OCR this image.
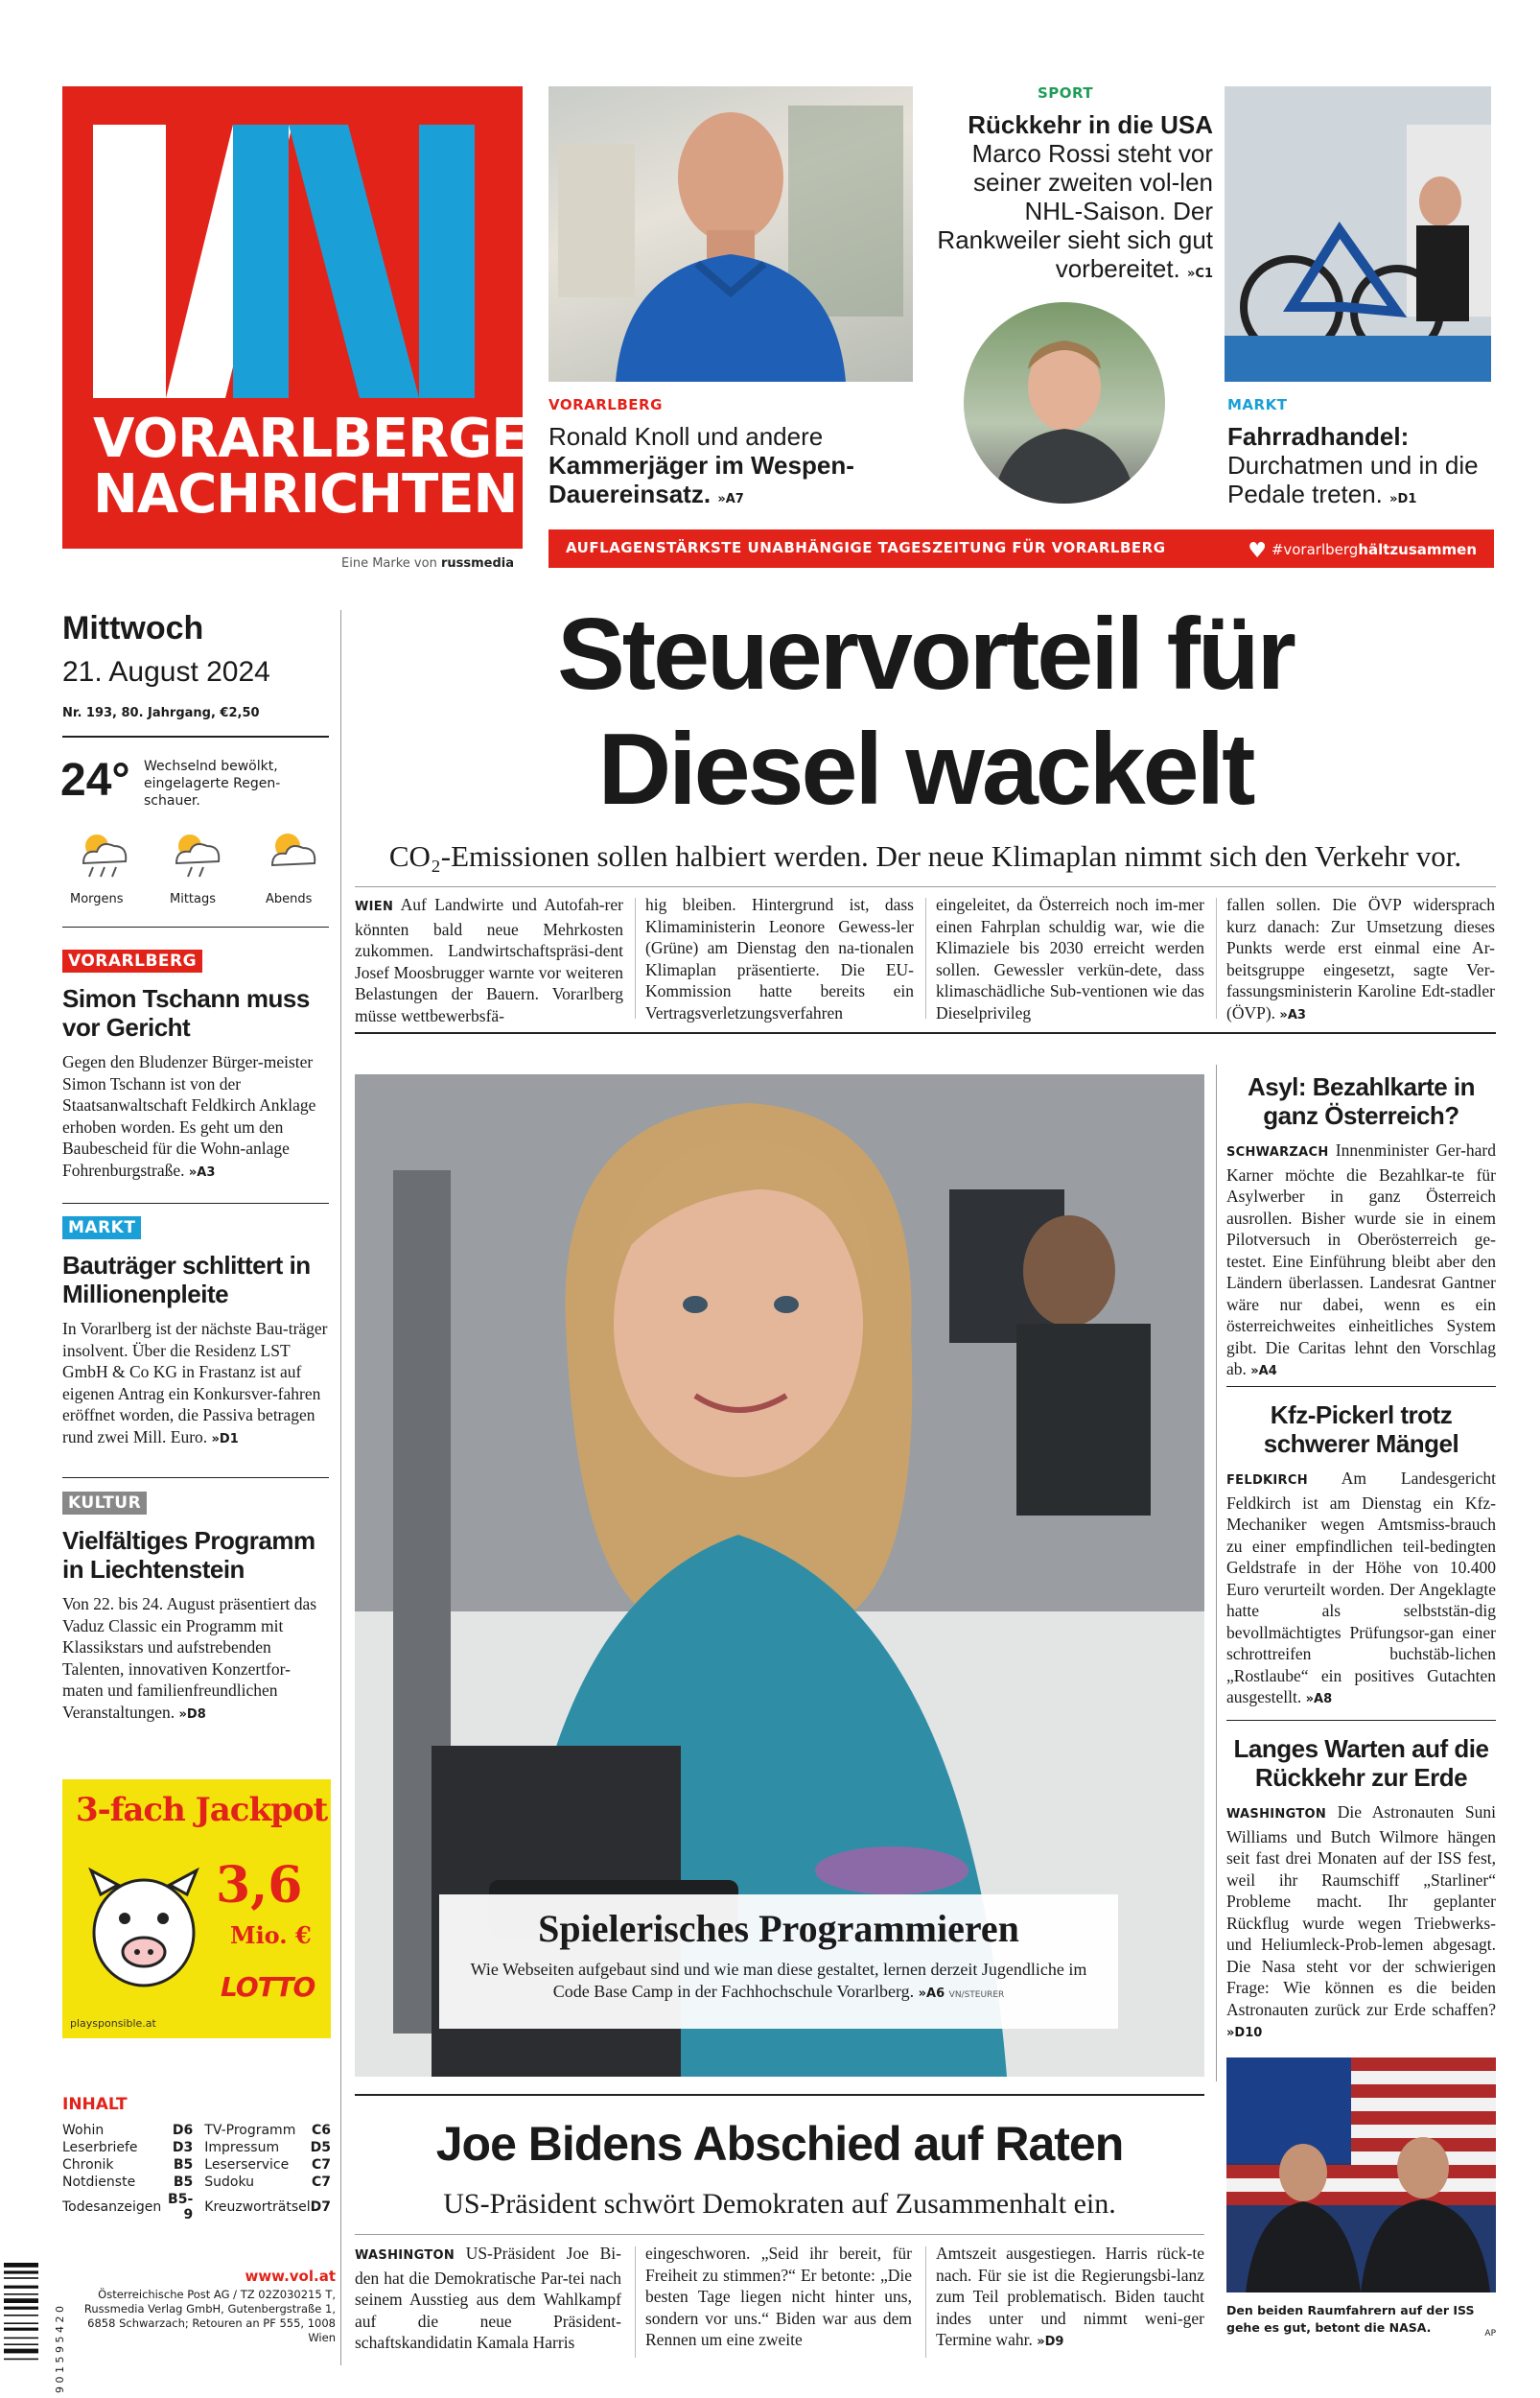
VORARLBERGER
NACHRICHTEN
Eine Marke von russmedia
VORARLBERG
Ronald Knoll und andere Kammerjäger im Wespen-Dauereinsatz. »A7
SPORT
Rückkehr in die USA
Marco Rossi steht vor seiner zweiten vol-len NHL-Saison. Der Rankweiler sieht sich gut vorbereitet. »C1
MARKT
Fahrradhandel:
Durchatmen und in die Pedale treten. »D1
AUFLAGENSTÄRKSTE UNABHÄNGIGE TAGESZEITUNG FÜR VORARLBERG	♥ #vorarlberghältzusammen
Mittwoch
21. August 2024
Nr. 193, 80. Jahrgang, €2,50
24° Wechselnd bewölkt, eingelagerte Regen-schauer.
Morgens	Mittags	Abends
VORARLBERG
Simon Tschann muss vor Gericht
Gegen den Bludenzer Bürger-meister Simon Tschann ist von der Staatsanwaltschaft Feldkirch Anklage erhoben worden. Es geht um den Baubescheid für die Wohn-anlage Fohrenburgstraße. »A3
MARKT
Bauträger schlittert in Millionenpleite
In Vorarlberg ist der nächste Bau-träger insolvent. Über die Residenz LST GmbH & Co KG in Frastanz ist auf eigenen Antrag ein Konkursver-fahren eröffnet worden, die Passiva betragen rund zwei Mill. Euro. »D1
KULTUR
Vielfältiges Programm in Liechtenstein
Von 22. bis 24. August präsentiert das Vaduz Classic ein Programm mit Klassikstars und aufstrebenden Talenten, innovativen Konzertfor-maten und familienfreundlichen Veranstaltungen. »D8
3-fach Jackpot
3,6
Mio. €
LOTTO
playsponsible.at
INHALT
Wohin	D6	TV-Programm	C6
Leserbriefe	D3	Impressum	D5
Chronik	B5	Leserservice	C7
Notdienste	B5	Sudoku	C7
Todesanzeigen	B5-9	Kreuzworträtsel	D7
9 0 1 5 9 5 4 2 0
www.vol.at
Österreichische Post AG / TZ 02Z030215 T, Russmedia Verlag GmbH, Gutenbergstraße 1, 6858 Schwarzach; Retouren an PF 555, 1008 Wien
Steuervorteil für
Diesel wackelt
CO₂-Emissionen sollen halbiert werden. Der neue Klimaplan nimmt sich den Verkehr vor.
WIEN Auf Landwirte und Autofah-rer könnten bald neue Mehrkosten zukommen. Landwirtschaftspräsi-dent Josef Moosbrugger warnte vor weiteren Belastungen der Bauern. Vorarlberg müsse wettbewerbsfä-
hig bleiben. Hintergrund ist, dass Klimaministerin Leonore Gewess-ler (Grüne) am Dienstag den na-tionalen Klimaplan präsentierte. Die EU-Kommission hatte bereits ein Vertragsverletzungsverfahren
eingeleitet, da Österreich noch im-mer einen Fahrplan schuldig war, wie die Klimaziele bis 2030 erreicht werden sollen. Gewessler verkün-dete, dass klimaschädliche Sub-ventionen wie das Dieselprivileg
fallen sollen. Die ÖVP widersprach kurz danach: Zur Umsetzung dieses Punkts werde erst einmal eine Ar-beitsgruppe eingesetzt, sagte Ver-fassungsministerin Karoline Edt-stadler (ÖVP). »A3
Spielerisches Programmieren
Wie Webseiten aufgebaut sind und wie man diese gestaltet, lernen derzeit Jugendliche im Code Base Camp in der Fachhochschule Vorarlberg. »A6 VN/STEURER
Asyl: Bezahlkarte in ganz Österreich?
SCHWARZACH Innenminister Ger-hard Karner möchte die Bezahlkar-te für Asylwerber in ganz Österreich ausrollen. Bisher wurde sie in einem Pilotversuch in Oberösterreich ge-testet. Eine Einführung bleibt aber den Ländern überlassen. Landesrat Gantner wäre nur dabei, wenn es ein österreichweites einheitliches System gibt. Die Caritas lehnt den Vorschlag ab. »A4
Kfz-Pickerl trotz schwerer Mängel
FELDKIRCH Am Landesgericht Feldkirch ist am Dienstag ein Kfz-Mechaniker wegen Amtsmiss-brauch zu einer empfindlichen teil-bedingten Geldstrafe in der Höhe von 10.400 Euro verurteilt worden. Der Angeklagte hatte als selbststän-dig bevollmächtigtes Prüfungsor-gan einer schrottreifen buchstäb-lichen „Rostlaube“ ein positives Gutachten ausgestellt. »A8
Langes Warten auf die Rückkehr zur Erde
WASHINGTON Die Astronauten Suni Williams und Butch Wilmore hängen seit fast drei Monaten auf der ISS fest, weil ihr Raumschiff „Starliner“ Probleme macht. Ihr geplanter Rückflug wurde wegen Triebwerks- und Heliumleck-Prob-lemen abgesagt. Die Nasa steht vor der schwierigen Frage: Wie können es die beiden Astronauten zurück zur Erde schaffen? »D10
Den beiden Raumfahrern auf der ISS gehe es gut, betont die NASA.	AP
Joe Bidens Abschied auf Raten
US-Präsident schwört Demokraten auf Zusammenhalt ein.
WASHINGTON US-Präsident Joe Bi-den hat die Demokratische Par-tei nach seinem Ausstieg aus dem Wahlkampf auf die neue Präsident-schaftskandidatin Kamala Harris
eingeschworen. „Seid ihr bereit, für Freiheit zu stimmen?“ Er betonte: „Die besten Tage liegen nicht hinter uns, sondern vor uns.“ Biden war aus dem Rennen um eine zweite
Amtszeit ausgestiegen. Harris rück-te nach. Für sie ist die Regierungsbi-lanz zum Teil problematisch. Biden taucht indes unter und nimmt weni-ger Termine wahr. »D9
